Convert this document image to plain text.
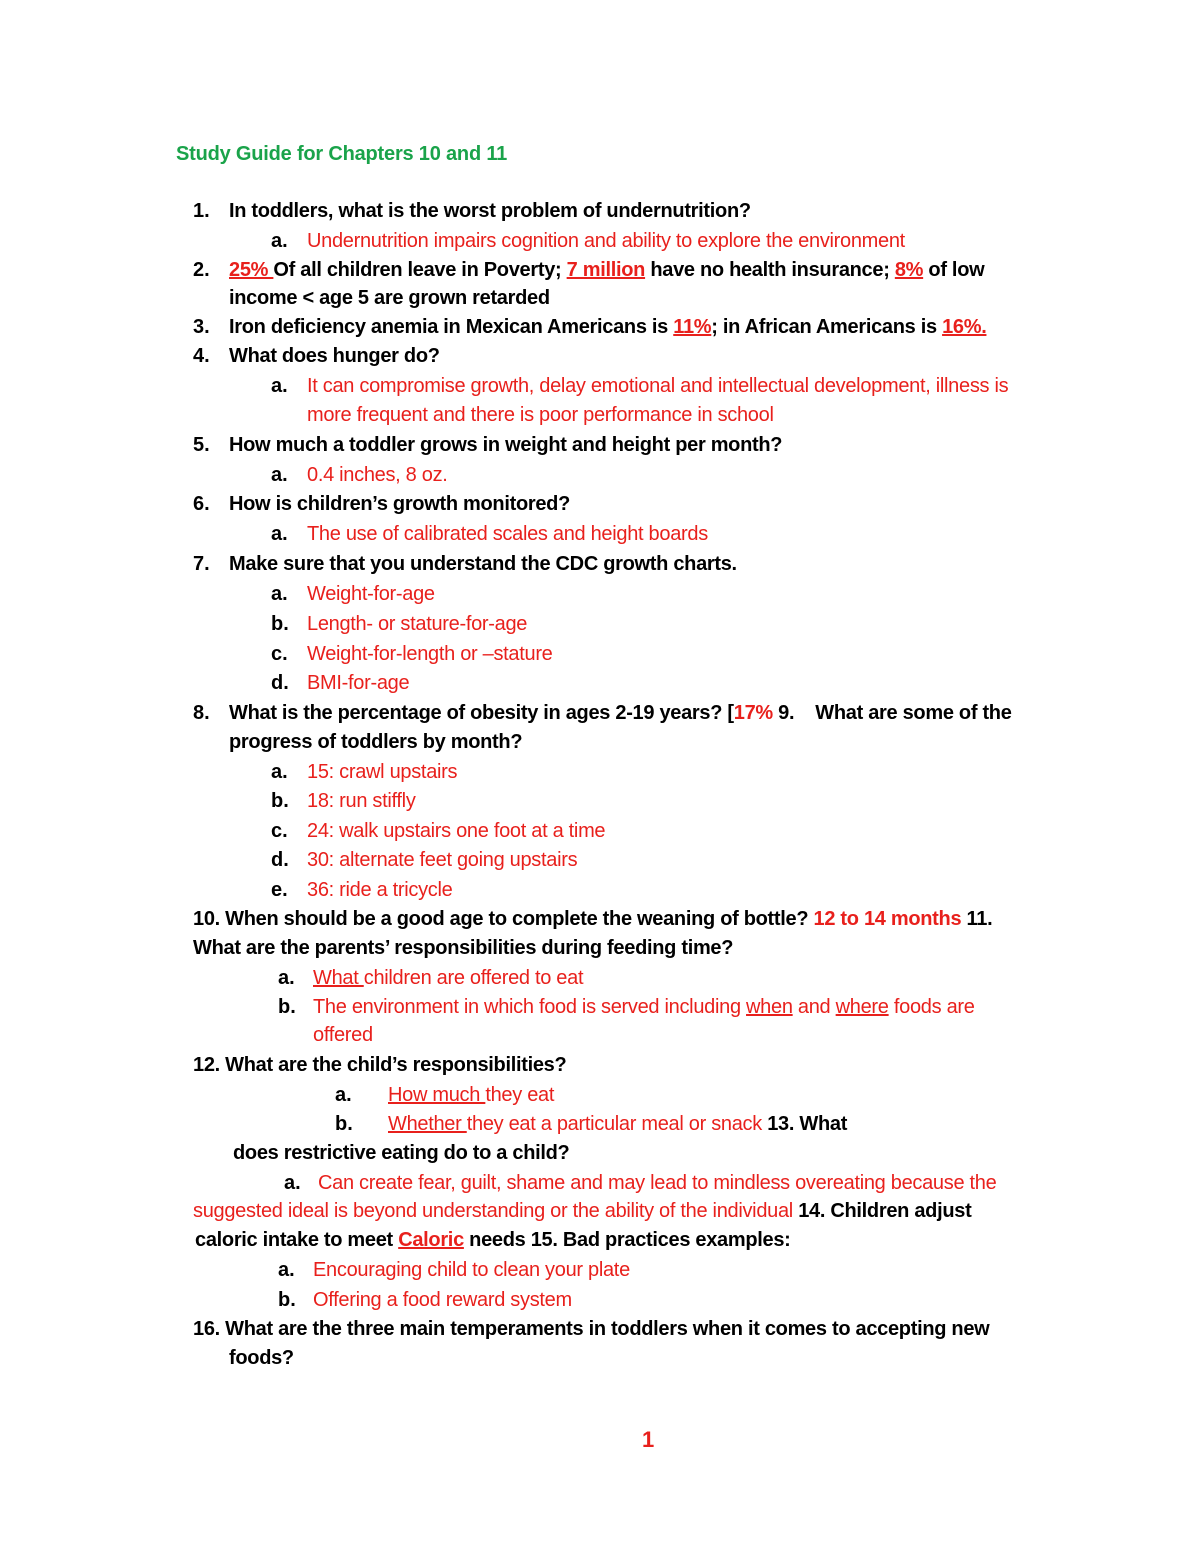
Study Guide for Chapters 10 and 11
1. In toddlers, what is the worst problem of undernutrition?
a. Undernutrition impairs cognition and ability to explore the environment
2. 25% Of all children leave in Poverty; 7 million have no health insurance; 8% of low
income < age 5 are grown retarded
3. Iron deficiency anemia in Mexican Americans is 11%; in African Americans is 16%.
4. What does hunger do?
a. It can compromise growth, delay emotional and intellectual development, illness is
more frequent and there is poor performance in school
5. How much a toddler grows in weight and height per month?
a. 0.4 inches, 8 oz.
6. How is children’s growth monitored?
a. The use of calibrated scales and height boards
7. Make sure that you understand the CDC growth charts.
a. Weight-for-age
b. Length- or stature-for-age
c. Weight-for-length or –stature
d. BMI-for-age
8. What is the percentage of obesity in ages 2-19 years? [17% 9.    What are some of the
progress of toddlers by month?
a. 15: crawl upstairs
b. 18: run stiffly
c. 24: walk upstairs one foot at a time
d. 30: alternate feet going upstairs
e. 36: ride a tricycle
10. When should be a good age to complete the weaning of bottle? 12 to 14 months 11.
What are the parents’ responsibilities during feeding time?
a. What children are offered to eat
b. The environment in which food is served including when and where foods are
offered
12. What are the child’s responsibilities?
a. How much they eat
b. Whether they eat a particular meal or snack 13. What
does restrictive eating do to a child?
a. Can create fear, guilt, shame and may lead to mindless overeating because the
suggested ideal is beyond understanding or the ability of the individual 14. Children adjust
caloric intake to meet Caloric needs 15. Bad practices examples:
a. Encouraging child to clean your plate
b. Offering a food reward system
16. What are the three main temperaments in toddlers when it comes to accepting new
foods?
1
